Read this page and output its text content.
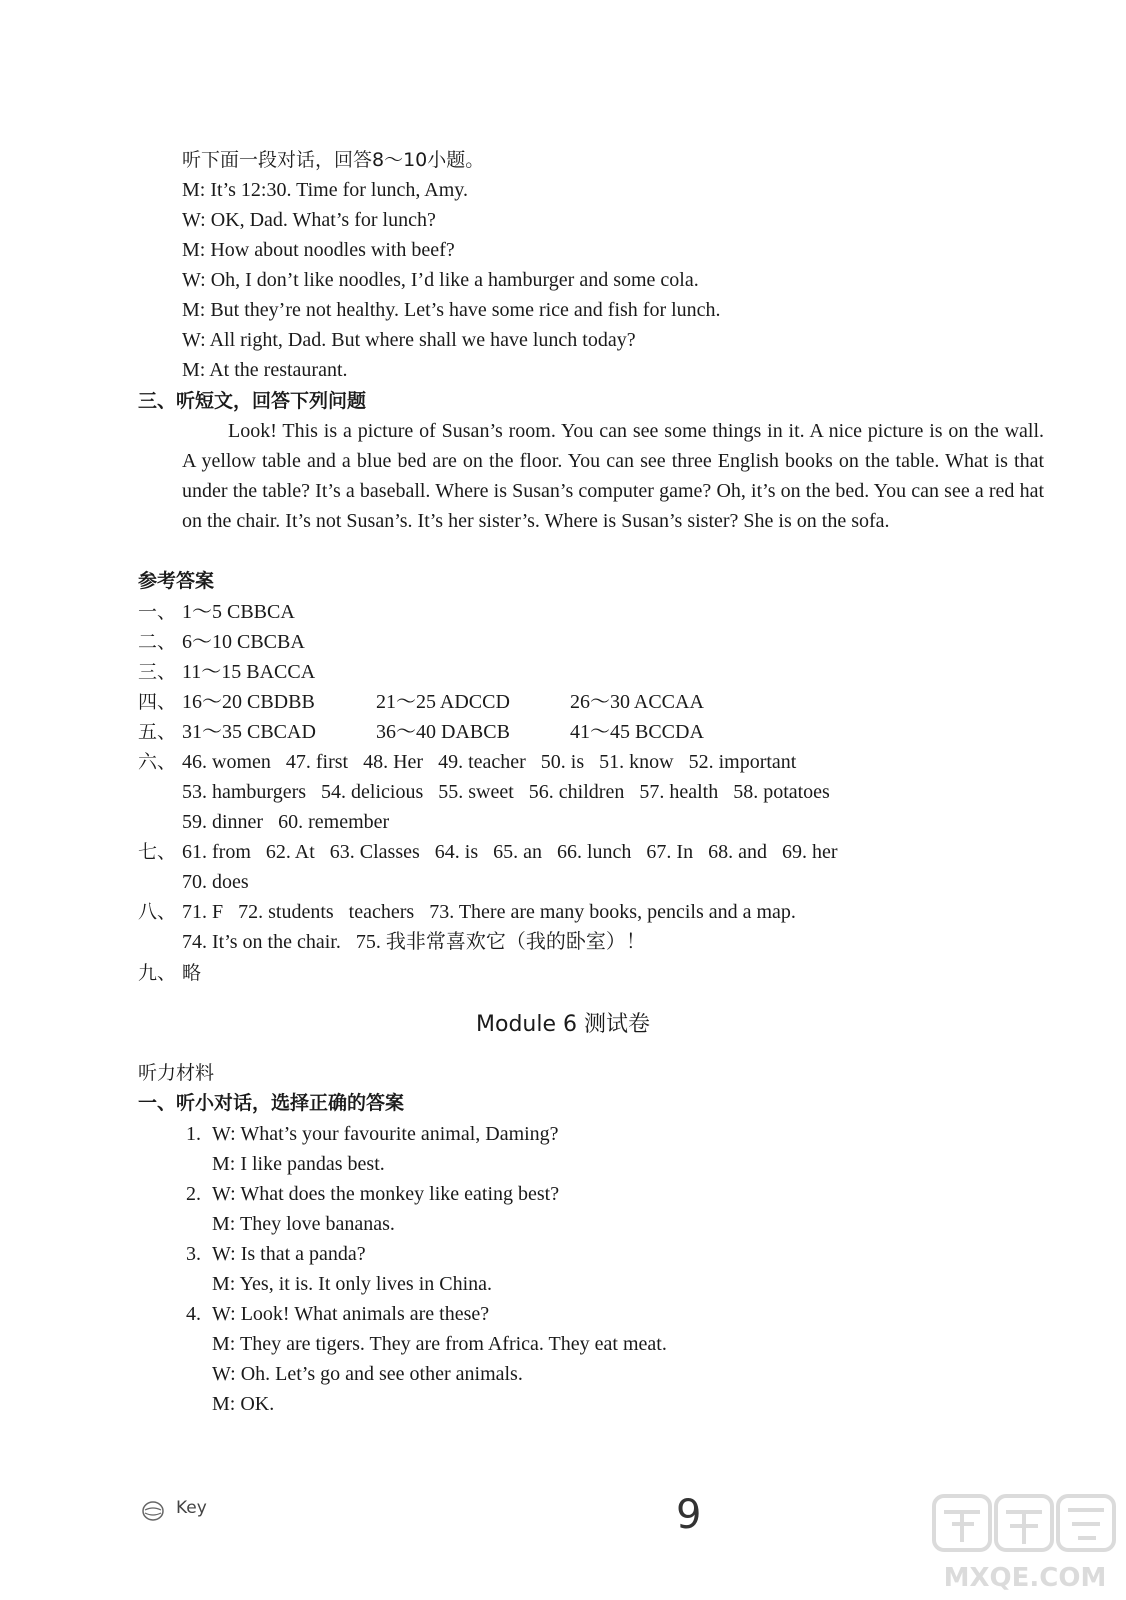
听下面一段对话，回答8～10小题。
M: It’s 12:30. Time for lunch, Amy.
W: OK, Dad. What’s for lunch?
M: How about noodles with beef?
W: Oh, I don’t like noodles, I’d like a hamburger and some cola.
M: But they’re not healthy. Let’s have some rice and fish for lunch.
W: All right, Dad. But where shall we have lunch today?
M: At the restaurant.
三、听短文，回答下列问题
Look! This is a picture of Susan’s room. You can see some things in it. A nice picture is on the wall. A yellow table and a blue bed are on the floor. You can see three English books on the table. What is that under the table? It’s a baseball. Where is Susan’s computer game? Oh, it’s on the bed. You can see a red hat on the chair. It’s not Susan’s. It’s her sister’s. Where is Susan’s sister? She is on the sofa.
参考答案
一、 1～5 CBBCA
二、 6～10 CBCBA
三、 11～15 BACCA
四、 16～20 CBDBB	21～25 ADCCD	26～30 ACCAA
五、 31～35 CBCAD	36～40 DABCB	41～45 BCCDA
六、 46. women   47. first   48. Her   49. teacher   50. is   51. know   52. important
53. hamburgers   54. delicious   55. sweet   56. children   57. health   58. potatoes
59. dinner   60. remember
七、 61. from   62. At   63. Classes   64. is   65. an   66. lunch   67. In   68. and   69. her
70. does
八、 71. F   72. students   teachers   73. There are many books, pencils and a map.
74. It’s on the chair.   75. 我非常喜欢它（我的卧室）！
九、 略
Module 6 测试卷
听力材料
一、听小对话，选择正确的答案
1. W: What’s your favourite animal, Daming?
M: I like pandas best.
2. W: What does the monkey like eating best?
M: They love bananas.
3. W: Is that a panda?
M: Yes, it is. It only lives in China.
4. W: Look! What animals are these?
M: They are tigers. They are from Africa. They eat meat.
W: Oh. Let’s go and see other animals.
M: OK.
Key	9
MXQE.COM
